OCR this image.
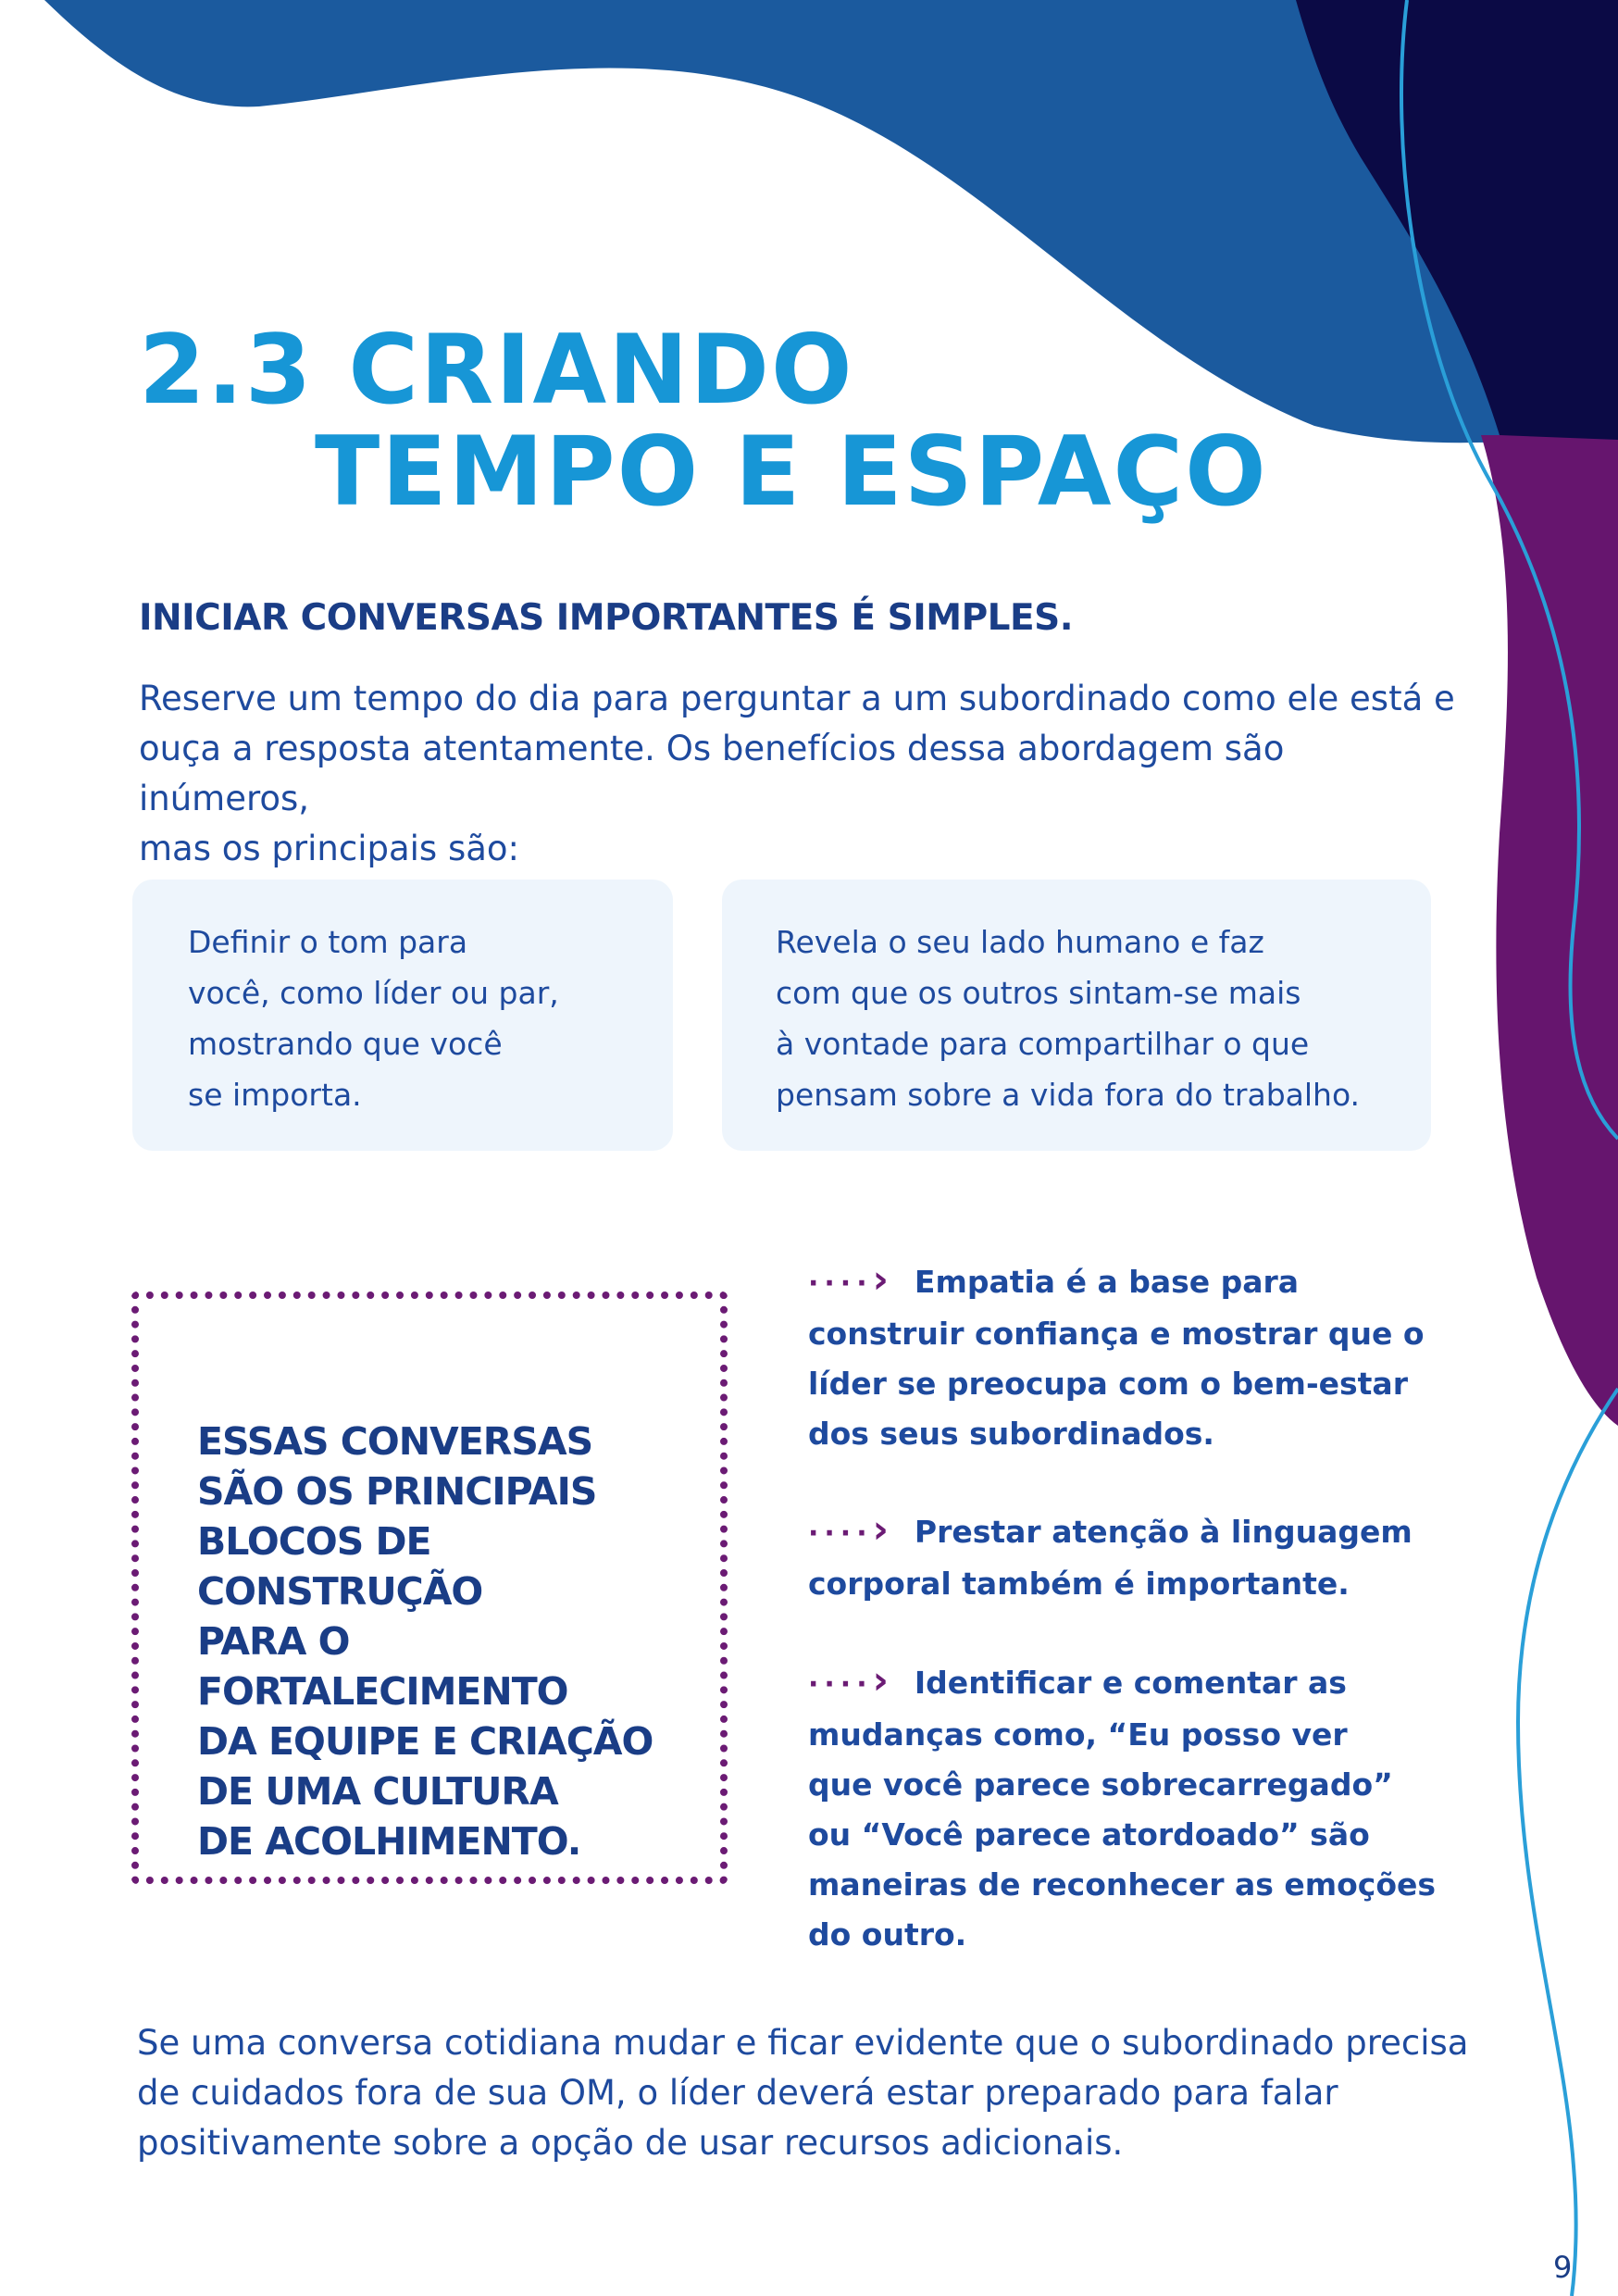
2.3 CRIANDO
TEMPO E ESPAÇO
INICIAR CONVERSAS IMPORTANTES É SIMPLES.

Reserve um tempo do dia para perguntar a um subordinado como ele está e
ouça a resposta atentamente. Os benefícios dessa abordagem são inúmeros,
mas os principais são:

Definir o tom para
você, como líder ou par,
mostrando que você
se importa.
Revela o seu lado humano e faz
com que os outros sintam-se mais
à vontade para compartilhar o que
pensam sobre a vida fora do trabalho.

ESSAS CONVERSAS
SÃO OS PRINCIPAIS
BLOCOS DE CONSTRUÇÃO
PARA O FORTALECIMENTO
DA EQUIPE E CRIAÇÃO
DE UMA CULTURA
DE ACOLHIMENTO.

····› Empatia é a base para
construir confiança e mostrar que o
líder se preocupa com o bem-estar
dos seus subordinados.

····› Prestar atenção à linguagem
corporal também é importante.

····› Identificar e comentar as
mudanças como, “Eu posso ver
que você parece sobrecarregado”
ou “Você parece atordoado” são
maneiras de reconhecer as emoções
do outro.

Se uma conversa cotidiana mudar e ficar evidente que o subordinado precisa
de cuidados fora de sua OM, o líder deverá estar preparado para falar
positivamente sobre a opção de usar recursos adicionais.

9
